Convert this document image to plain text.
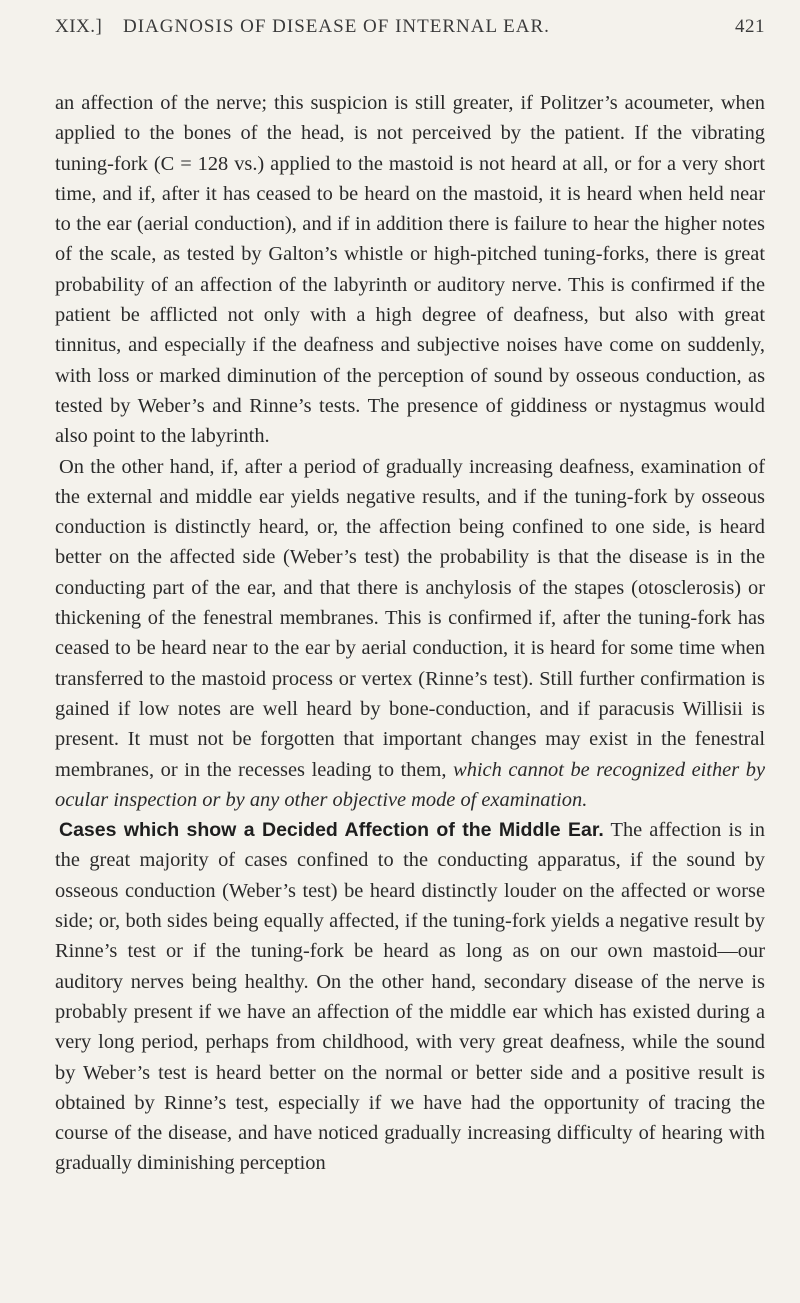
XIX.] DIAGNOSIS OF DISEASE OF INTERNAL EAR.	421

an affection of the nerve; this suspicion is still greater, if Politzer’s acoumeter, when applied to the bones of the head, is not perceived by the patient. If the vibrating tuning-fork (C = 128 vs.) applied to the mastoid is not heard at all, or for a very short time, and if, after it has ceased to be heard on the mastoid, it is heard when held near to the ear (aerial conduction), and if in addition there is failure to hear the higher notes of the scale, as tested by Galton’s whistle or high-pitched tuning-forks, there is great probability of an affection of the labyrinth or auditory nerve. This is confirmed if the patient be afflicted not only with a high degree of deafness, but also with great tinnitus, and especially if the deafness and subjective noises have come on suddenly, with loss or marked diminution of the perception of sound by osseous conduction, as tested by Weber’s and Rinne’s tests. The presence of giddiness or nystagmus would also point to the labyrinth.

On the other hand, if, after a period of gradually increasing deafness, examination of the external and middle ear yields negative results, and if the tuning-fork by osseous conduction is distinctly heard, or, the affection being confined to one side, is heard better on the affected side (Weber’s test) the probability is that the disease is in the conducting part of the ear, and that there is anchylosis of the stapes (otosclerosis) or thickening of the fenestral membranes. This is confirmed if, after the tuning-fork has ceased to be heard near to the ear by aerial conduction, it is heard for some time when transferred to the mastoid process or vertex (Rinne’s test). Still further confirmation is gained if low notes are well heard by bone-conduction, and if paracusis Willisii is present. It must not be forgotten that important changes may exist in the fenestral membranes, or in the recesses leading to them, which cannot be recognized either by ocular inspection or by any other objective mode of examination.

Cases which show a Decided Affection of the Middle Ear. The affection is in the great majority of cases confined to the conducting apparatus, if the sound by osseous conduction (Weber’s test) be heard distinctly louder on the affected or worse side; or, both sides being equally affected, if the tuning-fork yields a negative result by Rinne’s test or if the tuning-fork be heard as long as on our own mastoid—our auditory nerves being healthy. On the other hand, secondary disease of the nerve is probably present if we have an affection of the middle ear which has existed during a very long period, perhaps from childhood, with very great deafness, while the sound by Weber’s test is heard better on the normal or better side and a positive result is obtained by Rinne’s test, especially if we have had the opportunity of tracing the course of the disease, and have noticed gradually increasing difficulty of hearing with gradually diminishing perception
